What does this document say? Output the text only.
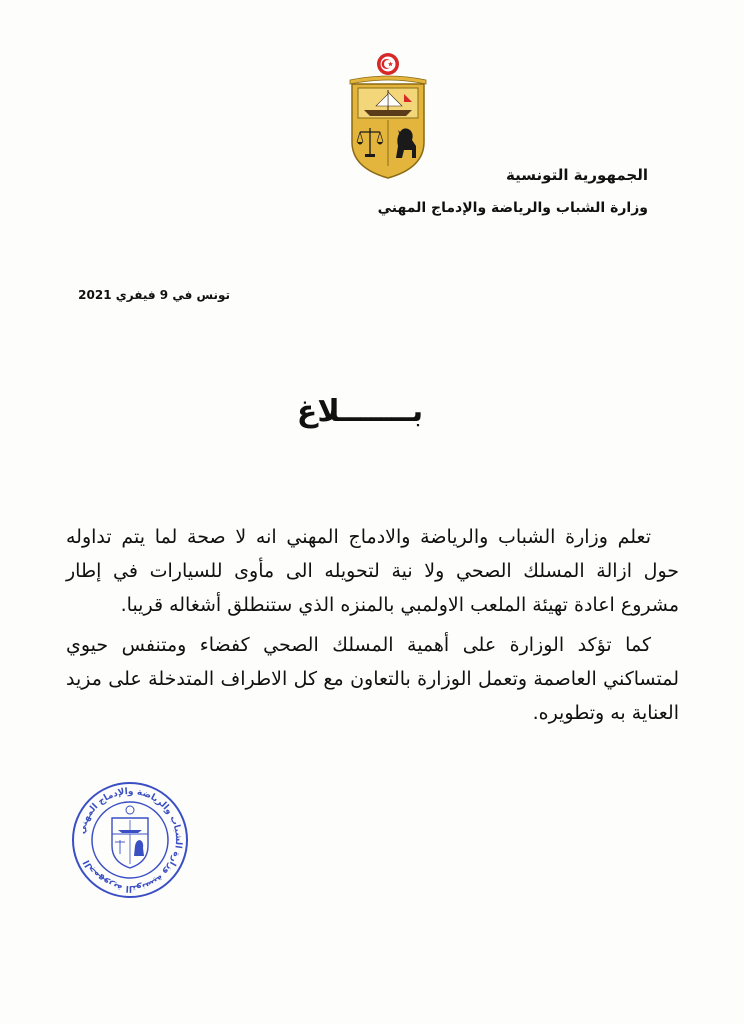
الجمهورية التونسية
وزارة الشباب والرياضة والإدماج المهني
تونس في 9 فيفري 2021
بـــــــلاغ

تعلم وزارة الشباب والرياضة والادماج المهني انه لا صحة لما يتم تداوله حول ازالة المسلك الصحي ولا نية لتحويله الى مأوى للسيارات في إطار مشروع اعادة تهيئة الملعب الاولمبي بالمنزه الذي ستنطلق أشغاله قريبا.

كما تؤكد الوزارة على أهمية المسلك الصحي كفضاء ومتنفس حيوي لمتساكني العاصمة وتعمل الوزارة بالتعاون مع كل الاطراف المتدخلة على مزيد العناية به وتطويره.

الجمهورية التونسية وزارة الشباب والرياضة والإدماج المهني
